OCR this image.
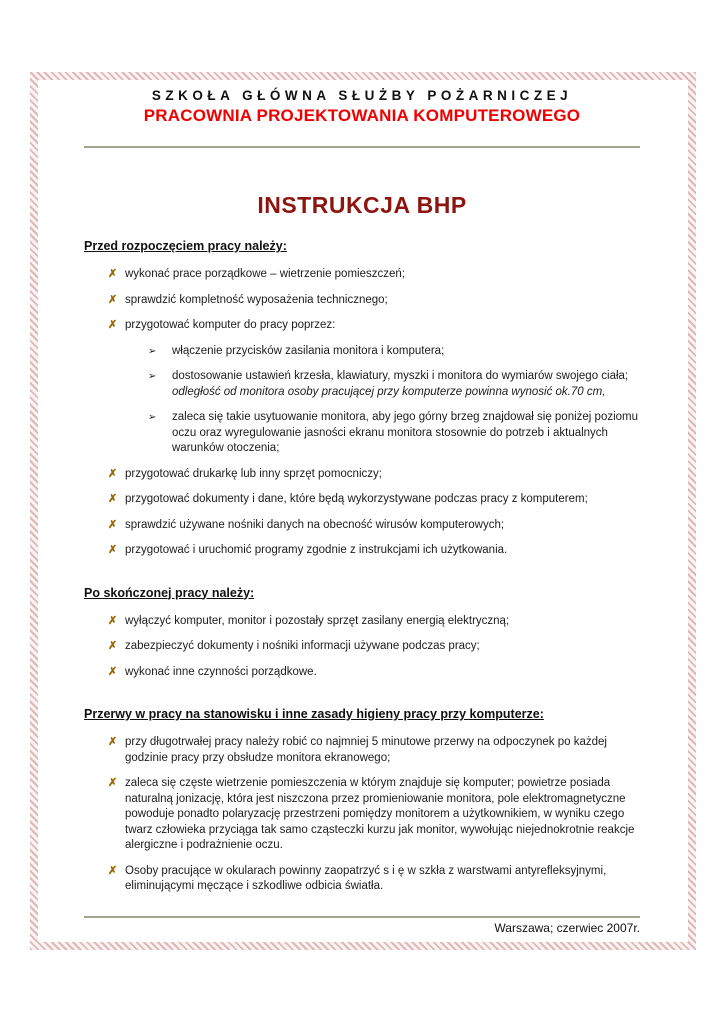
SZKOŁA GŁÓWNA SŁUŻBY POŻARNICZEJ
PRACOWNIA PROJEKTOWANIA KOMPUTEROWEGO
INSTRUKCJA BHP
Przed rozpoczęciem pracy należy:
✗ wykonać prace porządkowe – wietrzenie pomieszczeń;
✗ sprawdzić kompletność wyposażenia technicznego;
✗ przygotować komputer do pracy poprzez:
➢	włączenie przycisków zasilania monitora i komputera;
➢	dostosowanie ustawień krzesła, klawiatury, myszki i monitora do wymiarów swojego ciała;
odległość od monitora osoby pracującej przy komputerze powinna wynosić ok.70 cm,
➢	zaleca się takie usytuowanie monitora, aby jego górny brzeg znajdował się poniżej poziomu oczu oraz wyregulowanie jasności ekranu monitora stosownie do potrzeb i aktualnych warunków otoczenia;
✗ przygotować drukarkę lub inny sprzęt pomocniczy;
✗ przygotować dokumenty i dane, które będą wykorzystywane podczas pracy z komputerem;
✗ sprawdzić używane nośniki danych na obecność wirusów komputerowych;
✗ przygotować i uruchomić programy zgodnie z instrukcjami ich użytkowania.
Po skończonej pracy należy:
✗ wyłączyć komputer, monitor i pozostały sprzęt zasilany energią elektryczną;
✗ zabezpieczyć dokumenty i nośniki informacji używane podczas pracy;
✗ wykonać inne czynności porządkowe.
Przerwy w pracy na stanowisku i inne zasady higieny pracy przy komputerze:
✗ przy długotrwałej pracy należy robić co najmniej 5 minutowe przerwy na odpoczynek po każdej godzinie pracy przy obsłudze monitora ekranowego;
✗ zaleca się częste wietrzenie pomieszczenia w którym znajduje się komputer; powietrze posiada naturalną jonizację, która jest niszczona przez promieniowanie monitora, pole elektromagnetyczne powoduje ponadto polaryzację przestrzeni pomiędzy monitorem a użytkownikiem, w wyniku czego twarz człowieka przyciąga tak samo cząsteczki kurzu jak monitor, wywołując niejednokrotnie reakcje alergiczne i podrażnienie oczu.
✗ Osoby pracujące w okularach powinny zaopatrzyć s i ę w szkła z warstwami antyrefleksyjnymi, eliminującymi męczące i szkodliwe odbicia światła.
Warszawa; czerwiec 2007r.
